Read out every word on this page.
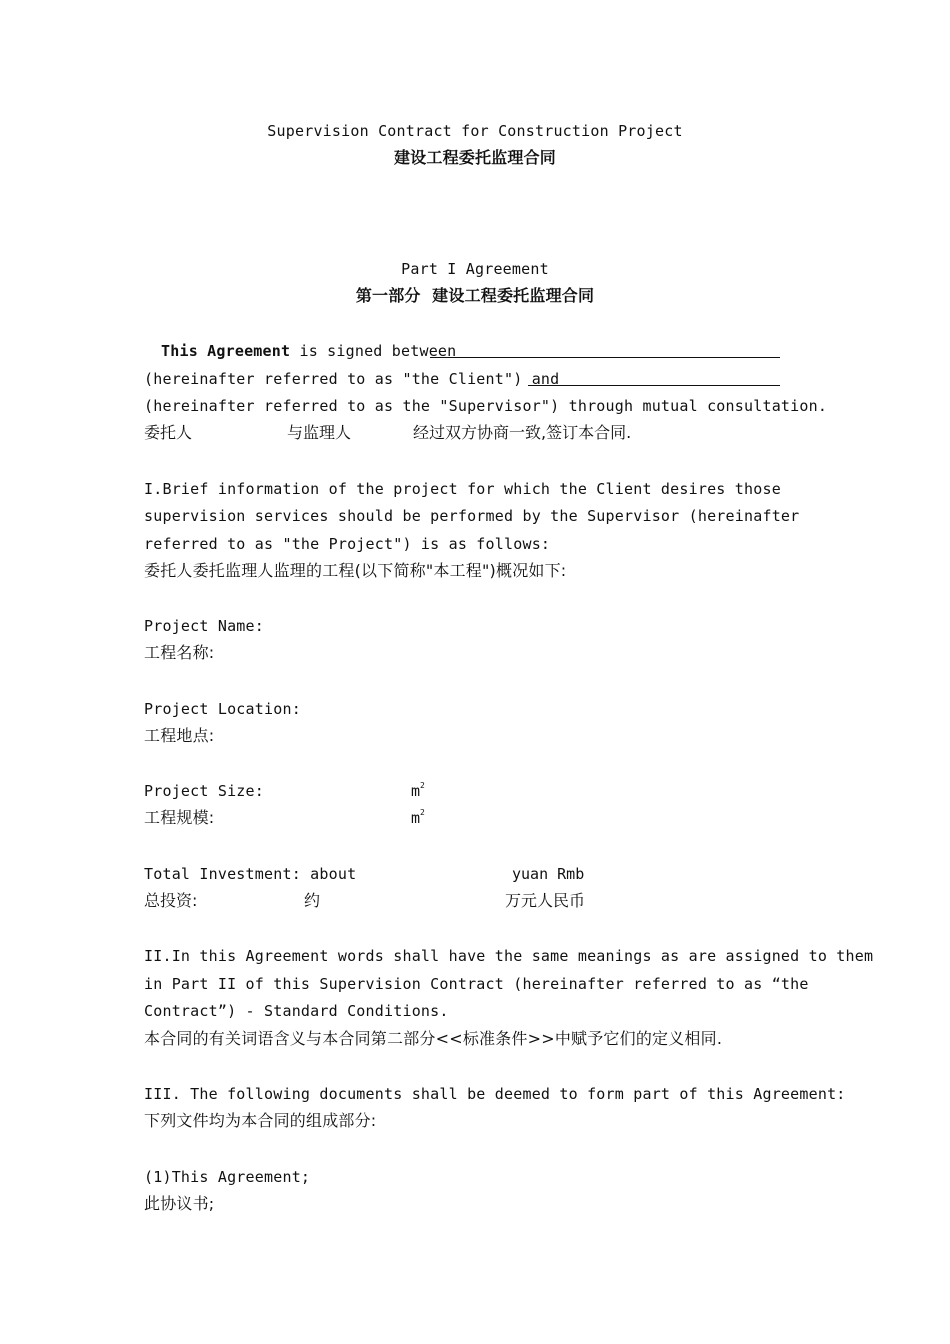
Supervision Contract for Construction Project
建设工程委托监理合同
Part I Agreement
第一部分  建设工程委托监理合同
This Agreement is signed between
(hereinafter referred to as "the Client") and
(hereinafter referred to as the "Supervisor") through mutual consultation.
委托人	与监理人	经过双方协商一致,签订本合同.
I.Brief information of the project for which the Client desires those
supervision services should be performed by the Supervisor (hereinafter
referred to as "the Project") is as follows:
委托人委托监理人监理的工程(以下简称"本工程")概况如下:
Project Name:
工程名称:
Project Location:
工程地点:
Project Size:	$m^2$
工程规模:	$m^2$
Total Investment: about	yuan Rmb
总投资:	约	万元人民币
II.In this Agreement words shall have the same meanings as are assigned to them
in Part II of this Supervision Contract (hereinafter referred to as “the
Contract”) - Standard Conditions.
本合同的有关词语含义与本合同第二部分<<标准条件>>中赋予它们的定义相同.
III. The following documents shall be deemed to form part of this Agreement:
下列文件均为本合同的组成部分:
(1)This Agreement;
此协议书;
